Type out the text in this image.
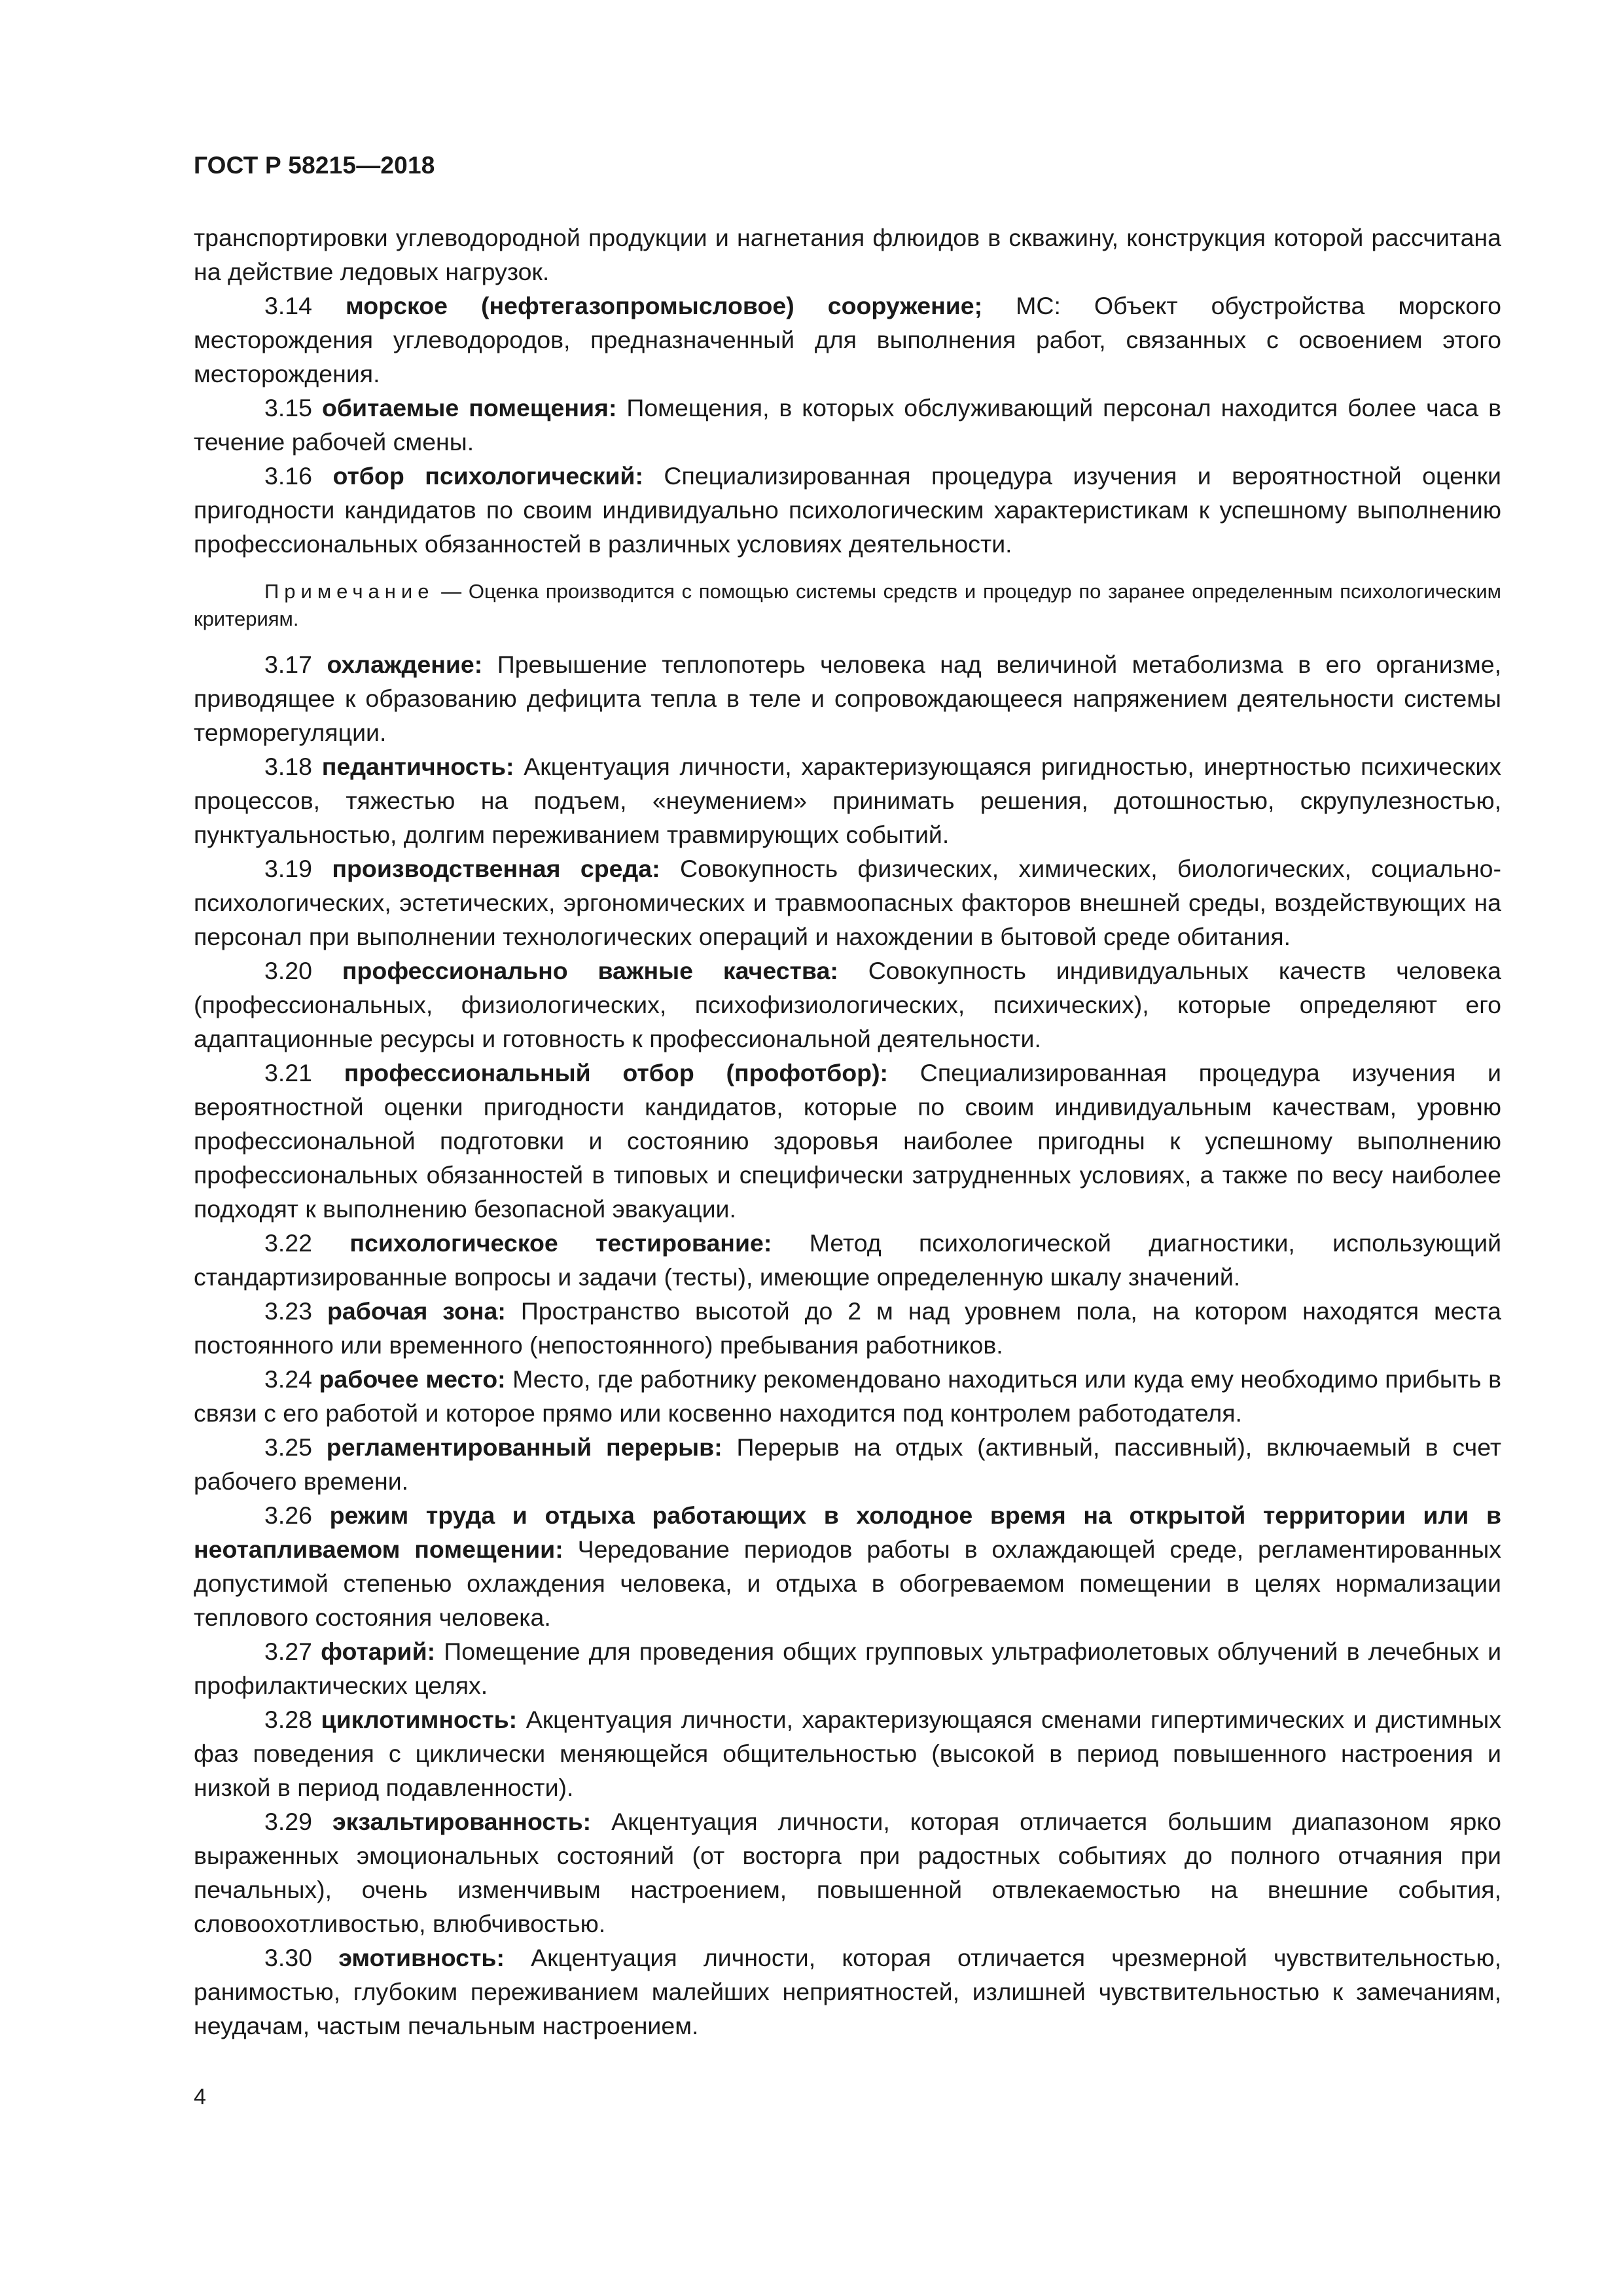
ГОСТ Р 58215—2018

транспортировки углеводородной продукции и нагнетания флюидов в скважину, конструкция которой рассчитана на действие ледовых нагрузок.

3.14 морское (нефтегазопромысловое) сооружение; МС: Объект обустройства морского месторождения углеводородов, предназначенный для выполнения работ, связанных с освоением этого месторождения.

3.15 обитаемые помещения: Помещения, в которых обслуживающий персонал находится более часа в течение рабочей смены.

3.16 отбор психологический: Специализированная процедура изучения и вероятностной оценки пригодности кандидатов по своим индивидуально психологическим характеристикам к успешному выполнению профессиональных обязанностей в различных условиях деятельности.

Примечание — Оценка производится с помощью системы средств и процедур по заранее определенным психологическим критериям.

3.17 охлаждение: Превышение теплопотерь человека над величиной метаболизма в его организме, приводящее к образованию дефицита тепла в теле и сопровождающееся напряжением деятельности системы терморегуляции.

3.18 педантичность: Акцентуация личности, характеризующаяся ригидностью, инертностью психических процессов, тяжестью на подъем, «неумением» принимать решения, дотошностью, скрупулезностью, пунктуальностью, долгим переживанием травмирующих событий.

3.19 производственная среда: Совокупность физических, химических, биологических, социально-психологических, эстетических, эргономических и травмоопасных факторов внешней среды, воздействующих на персонал при выполнении технологических операций и нахождении в бытовой среде обитания.

3.20 профессионально важные качества: Совокупность индивидуальных качеств человека (профессиональных, физиологических, психофизиологических, психических), которые определяют его адаптационные ресурсы и готовность к профессиональной деятельности.

3.21 профессиональный отбор (профотбор): Специализированная процедура изучения и вероятностной оценки пригодности кандидатов, которые по своим индивидуальным качествам, уровню профессиональной подготовки и состоянию здоровья наиболее пригодны к успешному выполнению профессиональных обязанностей в типовых и специфически затрудненных условиях, а также по весу наиболее подходят к выполнению безопасной эвакуации.

3.22 психологическое тестирование: Метод психологической диагностики, использующий стандартизированные вопросы и задачи (тесты), имеющие определенную шкалу значений.

3.23 рабочая зона: Пространство высотой до 2 м над уровнем пола, на котором находятся места постоянного или временного (непостоянного) пребывания работников.

3.24 рабочее место: Место, где работнику рекомендовано находиться или куда ему необходимо прибыть в связи с его работой и которое прямо или косвенно находится под контролем работодателя.

3.25 регламентированный перерыв: Перерыв на отдых (активный, пассивный), включаемый в счет рабочего времени.

3.26 режим труда и отдыха работающих в холодное время на открытой территории или в неотапливаемом помещении: Чередование периодов работы в охлаждающей среде, регламентированных допустимой степенью охлаждения человека, и отдыха в обогреваемом помещении в целях нормализации теплового состояния человека.

3.27 фотарий: Помещение для проведения общих групповых ультрафиолетовых облучений в лечебных и профилактических целях.

3.28 циклотимность: Акцентуация личности, характеризующаяся сменами гипертимических и дистимных фаз поведения с циклически меняющейся общительностью (высокой в период повышенного настроения и низкой в период подавленности).

3.29 экзальтированность: Акцентуация личности, которая отличается большим диапазоном ярко выраженных эмоциональных состояний (от восторга при радостных событиях до полного отчаяния при печальных), очень изменчивым настроением, повышенной отвлекаемостью на внешние события, словоохотливостью, влюбчивостью.

3.30 эмотивность: Акцентуация личности, которая отличается чрезмерной чувствительностью, ранимостью, глубоким переживанием малейших неприятностей, излишней чувствительностью к замечаниям, неудачам, частым печальным настроением.

4
